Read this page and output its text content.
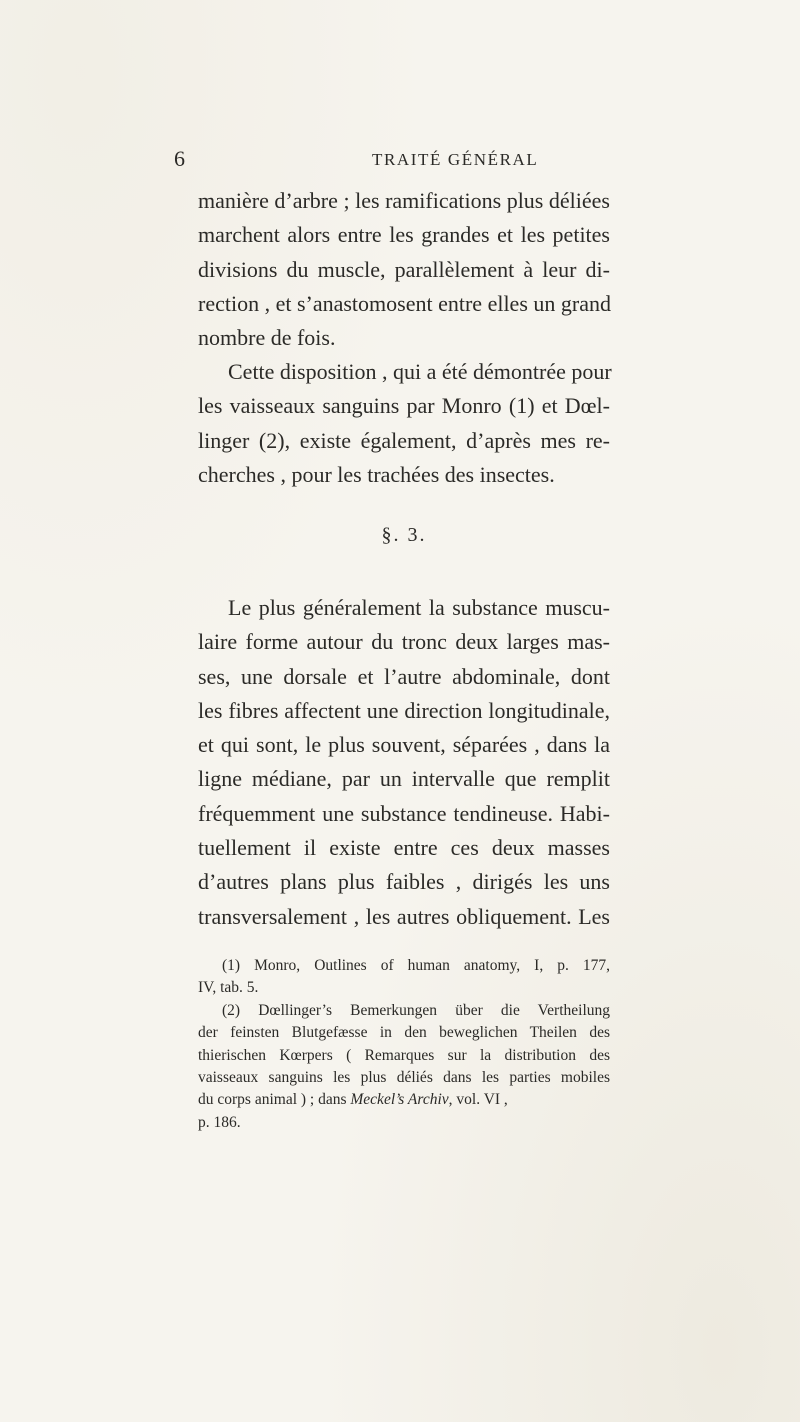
6	TRAITÉ GÉNÉRAL
manière d’arbre ; les ramifications plus déliées
marchent alors entre les grandes et les petites
divisions du muscle, parallèlement à leur di-
rection , et s’anastomosent entre elles un grand
nombre de fois.
Cette disposition , qui a été démontrée pour
les vaisseaux sanguins par Monro (1) et Dœl-
linger (2), existe également, d’après mes re-
cherches , pour les trachées des insectes.
§. 3.
Le plus généralement la substance muscu-
laire forme autour du tronc deux larges mas-
ses, une dorsale et l’autre abdominale, dont
les fibres affectent une direction longitudinale,
et qui sont, le plus souvent, séparées , dans la
ligne médiane, par un intervalle que remplit
fréquemment une substance tendineuse. Habi-
tuellement il existe entre ces deux masses
d’autres plans plus faibles , dirigés les uns
transversalement , les autres obliquement. Les
(1) Monro, Outlines of human anatomy, I, p. 177,
IV, tab. 5.
(2) Dœllinger’s Bemerkungen über die Vertheilung
der feinsten Blutgefæsse in den beweglichen Theilen des
thierischen Kœrpers ( Remarques sur la distribution des
vaisseaux sanguins les plus déliés dans les parties mobiles
du corps animal ) ; dans Meckel’s Archiv, vol. VI ,
p. 186.
